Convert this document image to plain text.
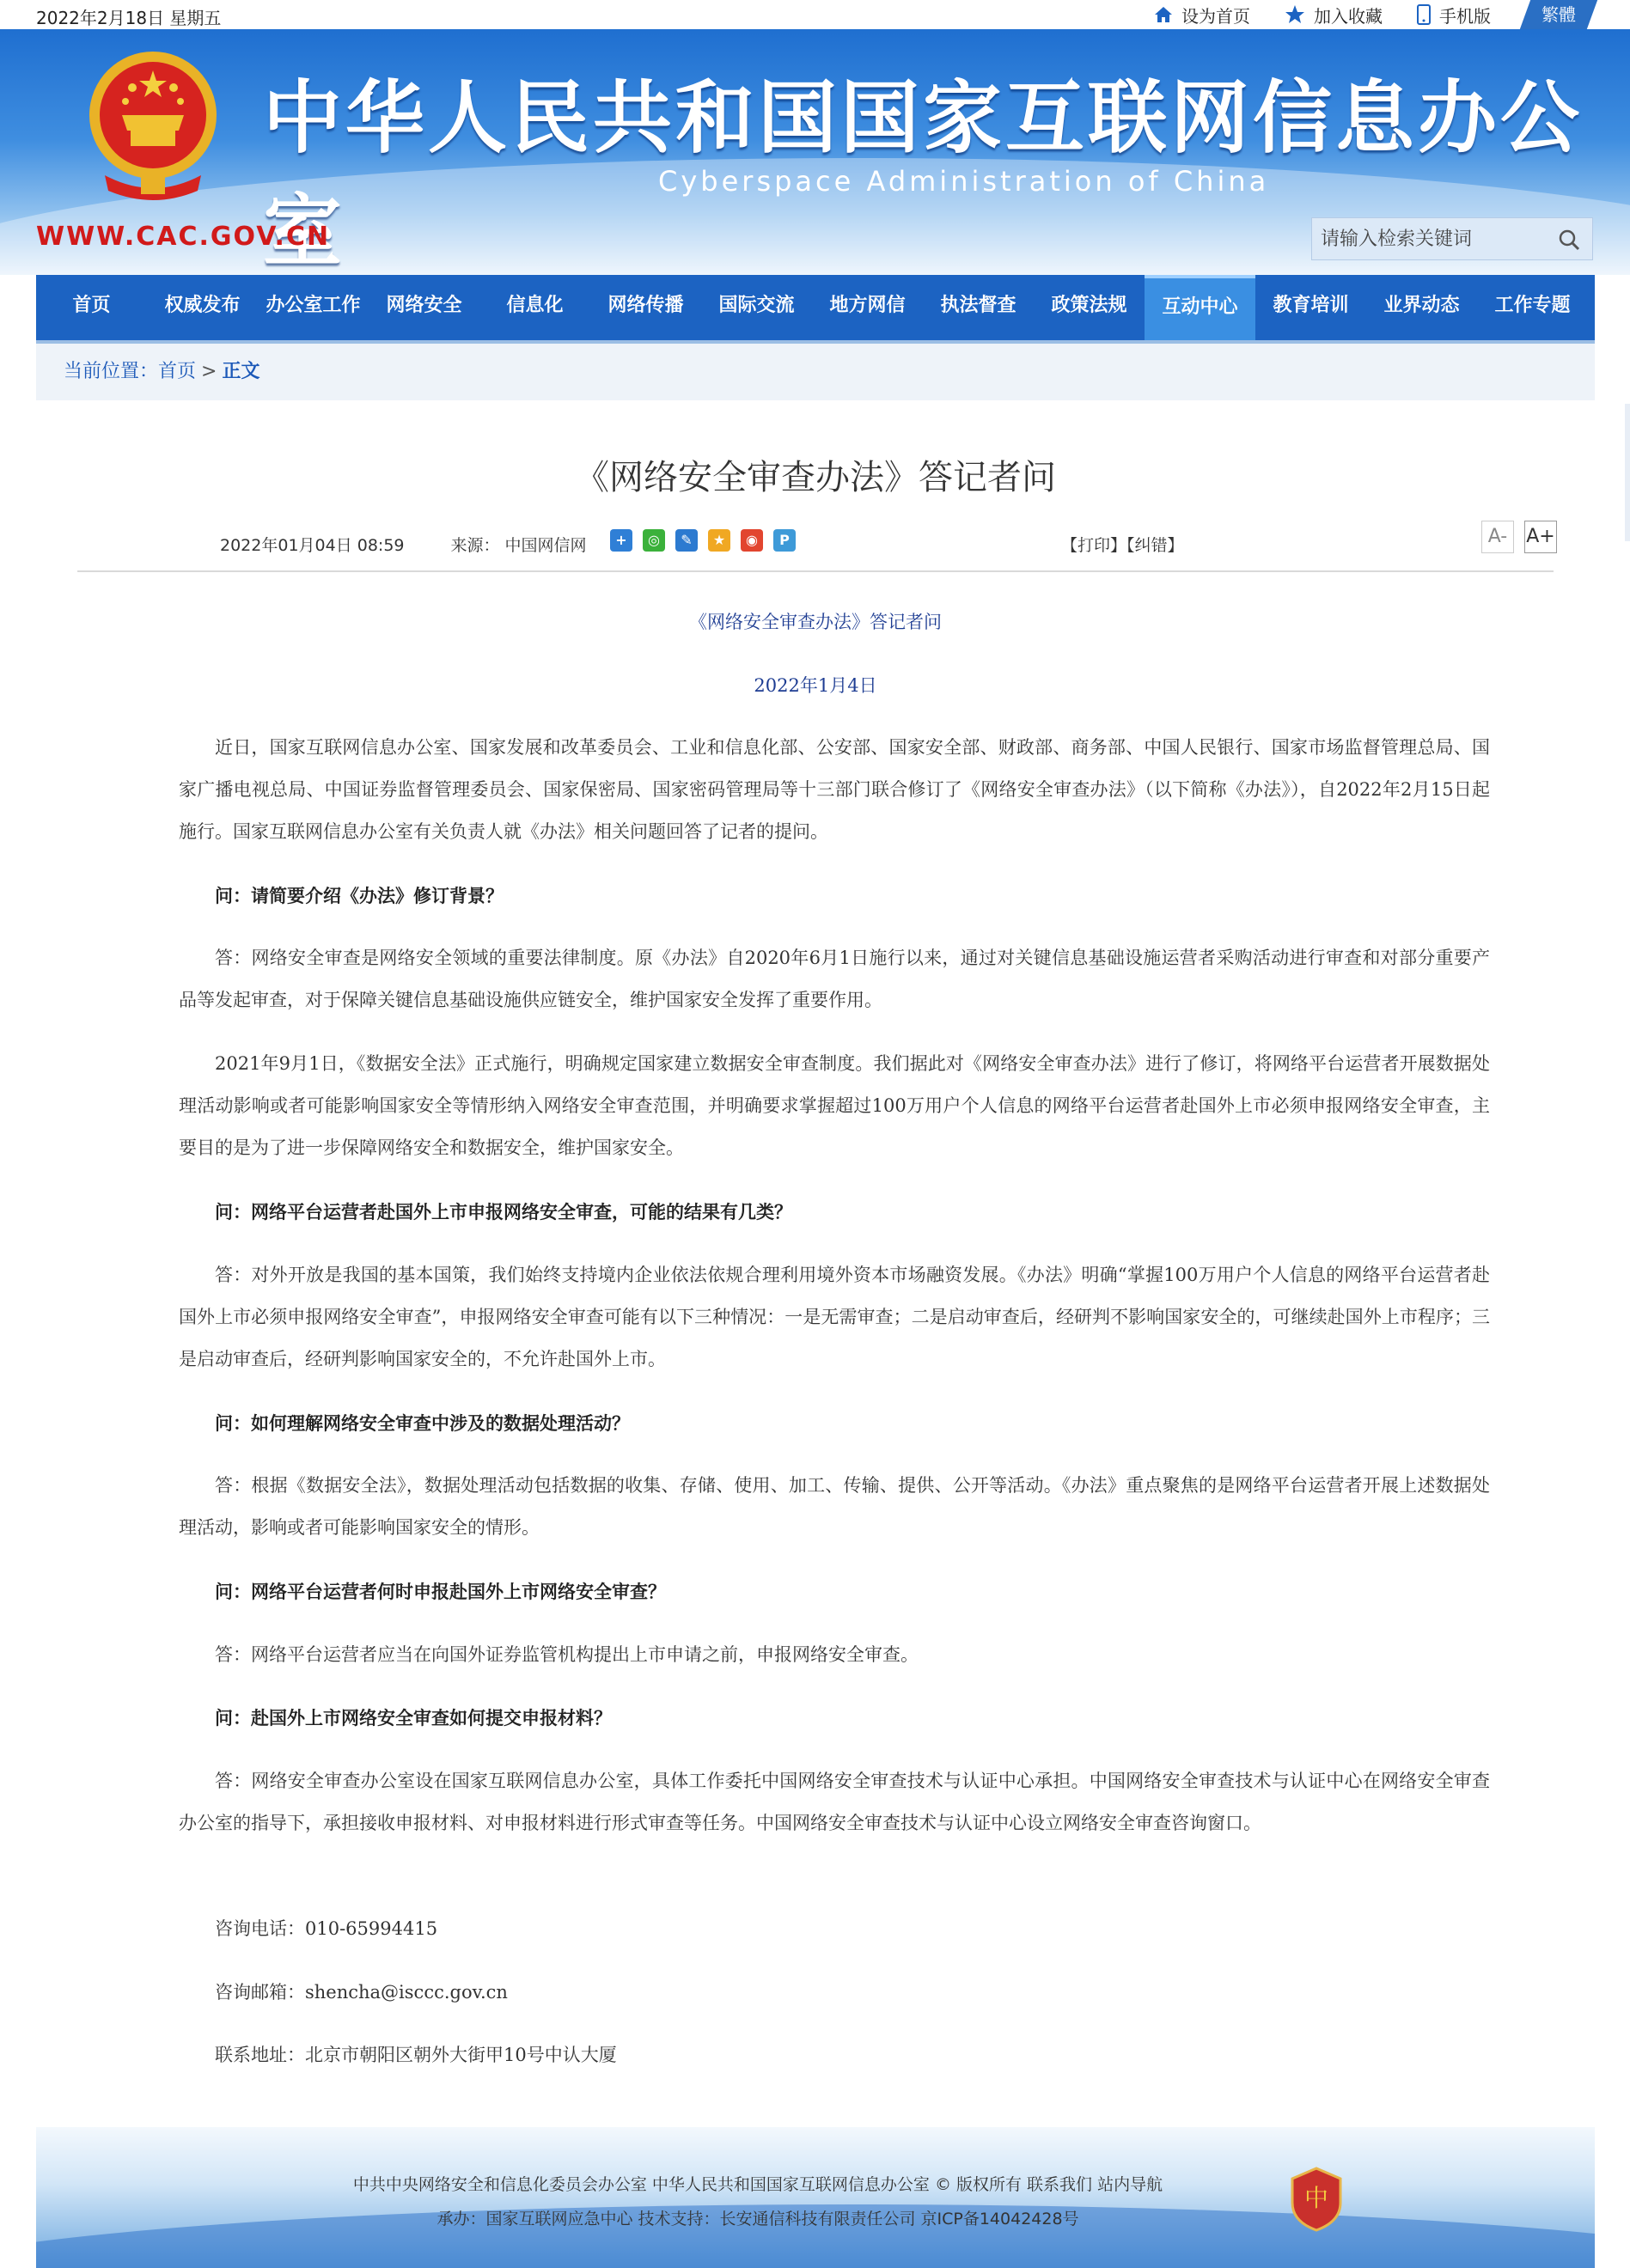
2022年2月18日 星期五	设为首页	加入收藏	手机版	繁體
中华人民共和国国家互联网信息办公室
Cyberspace Administration of China
WWW.CAC.GOV.CN
请输入检索关键词
首页	权威发布	办公室工作	网络安全	信息化	网络传播	国际交流	地方网信	执法督查	政策法规	互动中心	教育培训	业界动态	工作专题
当前位置：首页 > 正文
《网络安全审查办法》答记者问
2022年01月04日 08:59	来源： 中国网信网	+	◎	✎	★	◉	P	【打印】【纠错】	A-	A+
《网络安全审查办法》答记者问
2022年1月4日
近日，国家互联网信息办公室、国家发展和改革委员会、工业和信息化部、公安部、国家安全部、财政部、商务部、中国人民银行、国家市场监督管理总局、国家广播电视总局、中国证券监督管理委员会、国家保密局、国家密码管理局等十三部门联合修订了《网络安全审查办法》（以下简称《办法》），自2022年2月15日起施行。国家互联网信息办公室有关负责人就《办法》相关问题回答了记者的提问。
问：请简要介绍《办法》修订背景？
答：网络安全审查是网络安全领域的重要法律制度。原《办法》自2020年6月1日施行以来，通过对关键信息基础设施运营者采购活动进行审查和对部分重要产品等发起审查，对于保障关键信息基础设施供应链安全，维护国家安全发挥了重要作用。
2021年9月1日，《数据安全法》正式施行，明确规定国家建立数据安全审查制度。我们据此对《网络安全审查办法》进行了修订，将网络平台运营者开展数据处理活动影响或者可能影响国家安全等情形纳入网络安全审查范围，并明确要求掌握超过100万用户个人信息的网络平台运营者赴国外上市必须申报网络安全审查，主要目的是为了进一步保障网络安全和数据安全，维护国家安全。
问：网络平台运营者赴国外上市申报网络安全审查，可能的结果有几类？
答：对外开放是我国的基本国策，我们始终支持境内企业依法依规合理利用境外资本市场融资发展。《办法》明确“掌握100万用户个人信息的网络平台运营者赴国外上市必须申报网络安全审查”，申报网络安全审查可能有以下三种情况：一是无需审查；二是启动审查后，经研判不影响国家安全的，可继续赴国外上市程序；三是启动审查后，经研判影响国家安全的，不允许赴国外上市。
问：如何理解网络安全审查中涉及的数据处理活动？
答：根据《数据安全法》，数据处理活动包括数据的收集、存储、使用、加工、传输、提供、公开等活动。《办法》重点聚焦的是网络平台运营者开展上述数据处理活动，影响或者可能影响国家安全的情形。
问：网络平台运营者何时申报赴国外上市网络安全审查？
答：网络平台运营者应当在向国外证券监管机构提出上市申请之前，申报网络安全审查。
问：赴国外上市网络安全审查如何提交申报材料？
答：网络安全审查办公室设在国家互联网信息办公室，具体工作委托中国网络安全审查技术与认证中心承担。中国网络安全审查技术与认证中心在网络安全审查办公室的指导下，承担接收申报材料、对申报材料进行形式审查等任务。中国网络安全审查技术与认证中心设立网络安全审查咨询窗口。
咨询电话：010-65994415
咨询邮箱：shencha@isccc.gov.cn
联系地址：北京市朝阳区朝外大街甲10号中认大厦
中共中央网络安全和信息化委员会办公室 中华人民共和国国家互联网信息办公室 © 版权所有 联系我们 站内导航
承办：国家互联网应急中心 技术支持：长安通信科技有限责任公司 京ICP备14042428号
中
